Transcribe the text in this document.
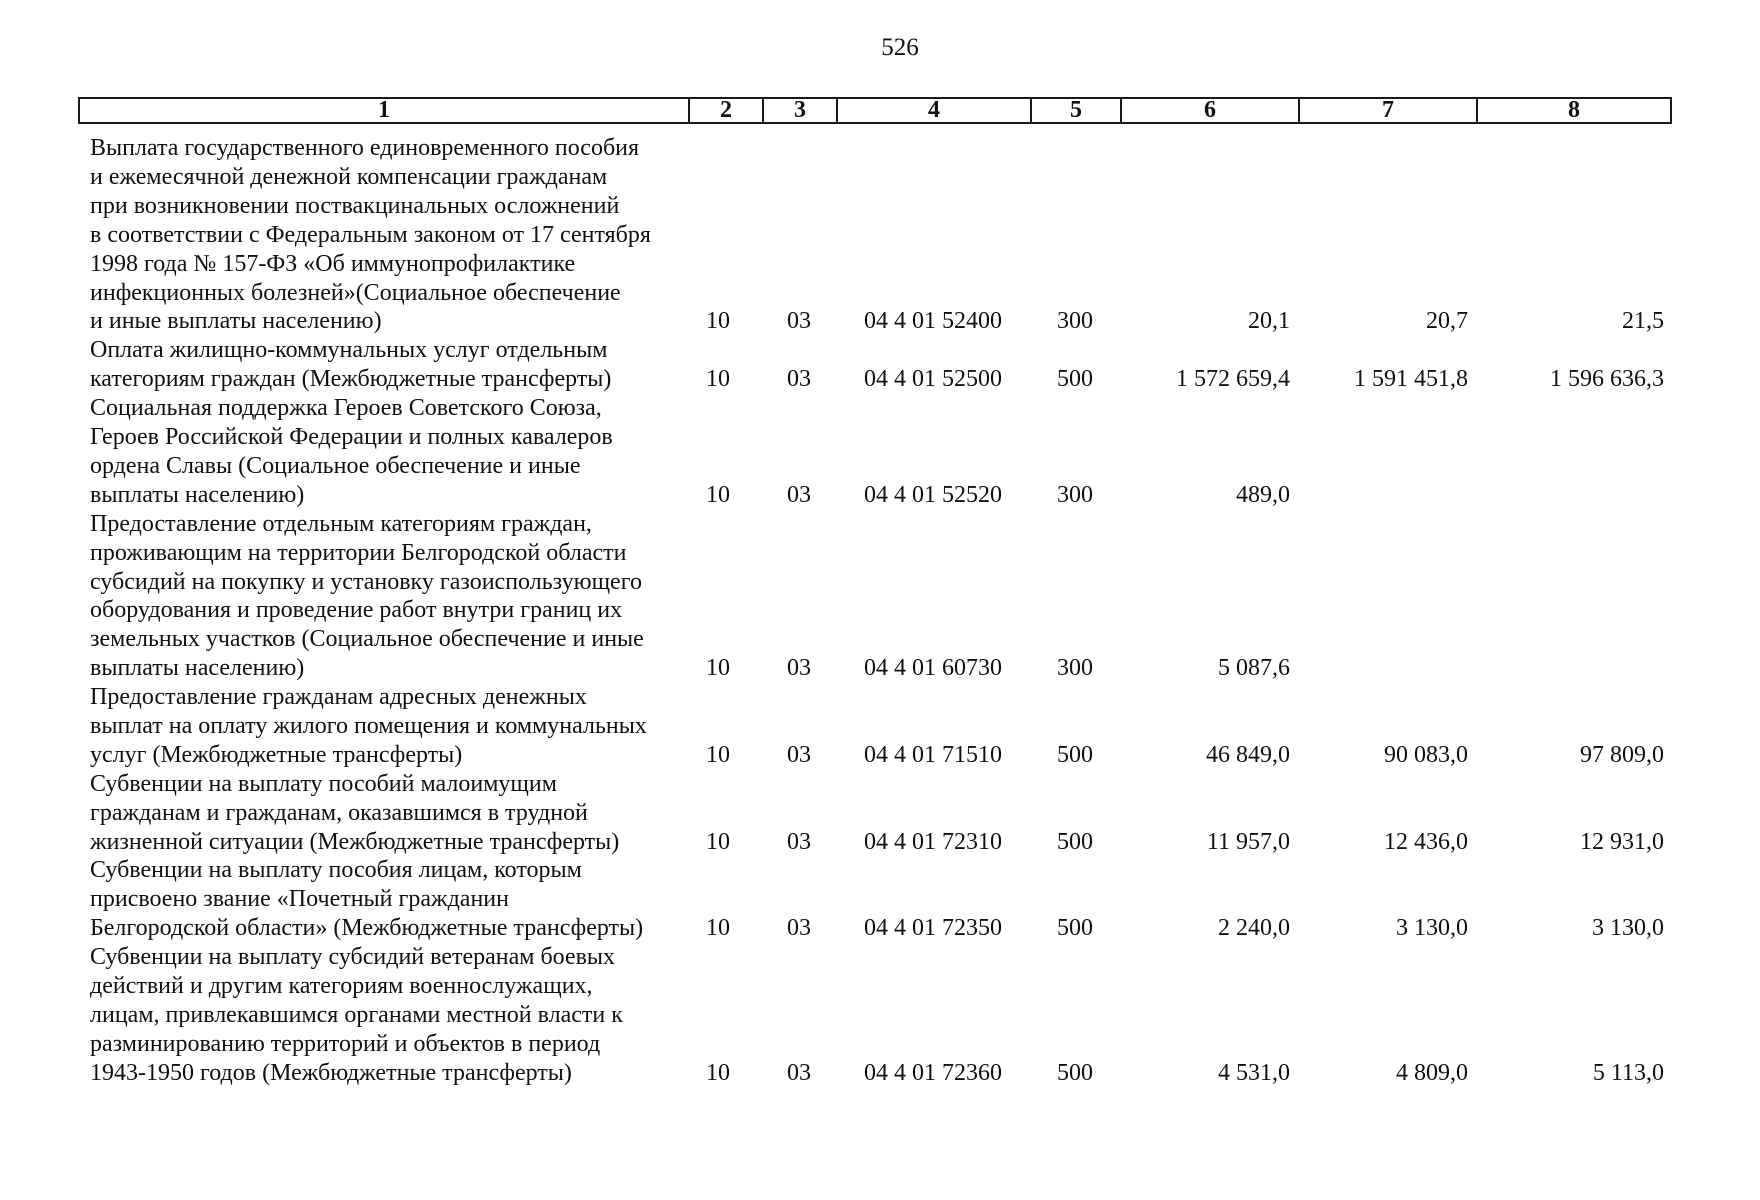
526
1	2	3	4	5	6	7	8
Выплата государственного единовременного пособия
и ежемесячной денежной компенсации гражданам
при возникновении поствакцинальных осложнений
в соответствии с Федеральным законом от 17 сентября
1998 года № 157-ФЗ «Об иммунопрофилактике
инфекционных болезней»(Социальное обеспечение
и иные выплаты населению)	10	03	04 4 01 52400	300	20,1	20,7	21,5
Оплата жилищно-коммунальных услуг отдельным
категориям граждан (Межбюджетные трансферты)	10	03	04 4 01 52500	500	1 572 659,4	1 591 451,8	1 596 636,3
Социальная поддержка Героев Советского Союза,
Героев Российской Федерации и полных кавалеров
ордена Славы (Социальное обеспечение и иные
выплаты населению)	10	03	04 4 01 52520	300	489,0
Предоставление отдельным категориям граждан,
проживающим на территории Белгородской области
субсидий на покупку и установку газоиспользующего
оборудования и проведение работ внутри границ их
земельных участков (Социальное обеспечение и иные
выплаты населению)	10	03	04 4 01 60730	300	5 087,6
Предоставление гражданам адресных денежных
выплат на оплату жилого помещения и коммунальных
услуг (Межбюджетные трансферты)	10	03	04 4 01 71510	500	46 849,0	90 083,0	97 809,0
Субвенции на выплату пособий малоимущим
гражданам и гражданам, оказавшимся в трудной
жизненной ситуации (Межбюджетные трансферты)	10	03	04 4 01 72310	500	11 957,0	12 436,0	12 931,0
Субвенции на выплату пособия лицам, которым
присвоено звание «Почетный гражданин
Белгородской области» (Межбюджетные трансферты)	10	03	04 4 01 72350	500	2 240,0	3 130,0	3 130,0
Субвенции на выплату субсидий ветеранам боевых
действий и другим категориям военнослужащих,
лицам, привлекавшимся органами местной власти к
разминированию территорий и объектов в период
1943-1950 годов (Межбюджетные трансферты)	10	03	04 4 01 72360	500	4 531,0	4 809,0	5 113,0
